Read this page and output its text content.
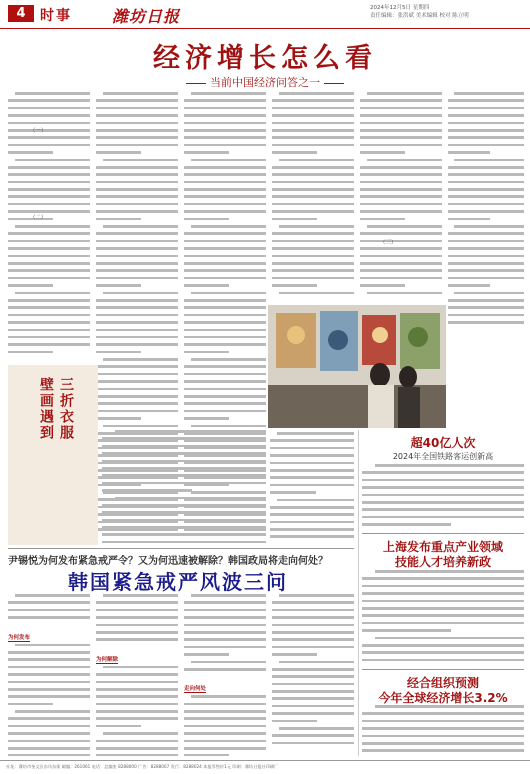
4	时事	潍坊日报	2024年12月5日 星期四
责任编辑：张洪斌 美术编辑 校对 陈立明
经济增长怎么看
当前中国经济问答之一
（一）
（二）
（三）
三折衣服
壁画遇到
尹锡悦为何发布紧急戒严令？又为何迅速被解除？韩国政局将走向何处？
韩国紧急戒严风波三问
为何发布
为何解除
走向何处
超40亿人次
2024年全国铁路客运创新高
上海发布重点产业领域
技能人才培养新政
经合组织预测
今年全球经济增长3.2%
社址：潍坊市奎文区东风东街 邮编：261061 电话：总编室 8288000 广告：8288067 发行：8288024 本报零售价1元 印刷：潍坊日报社印刷厂
